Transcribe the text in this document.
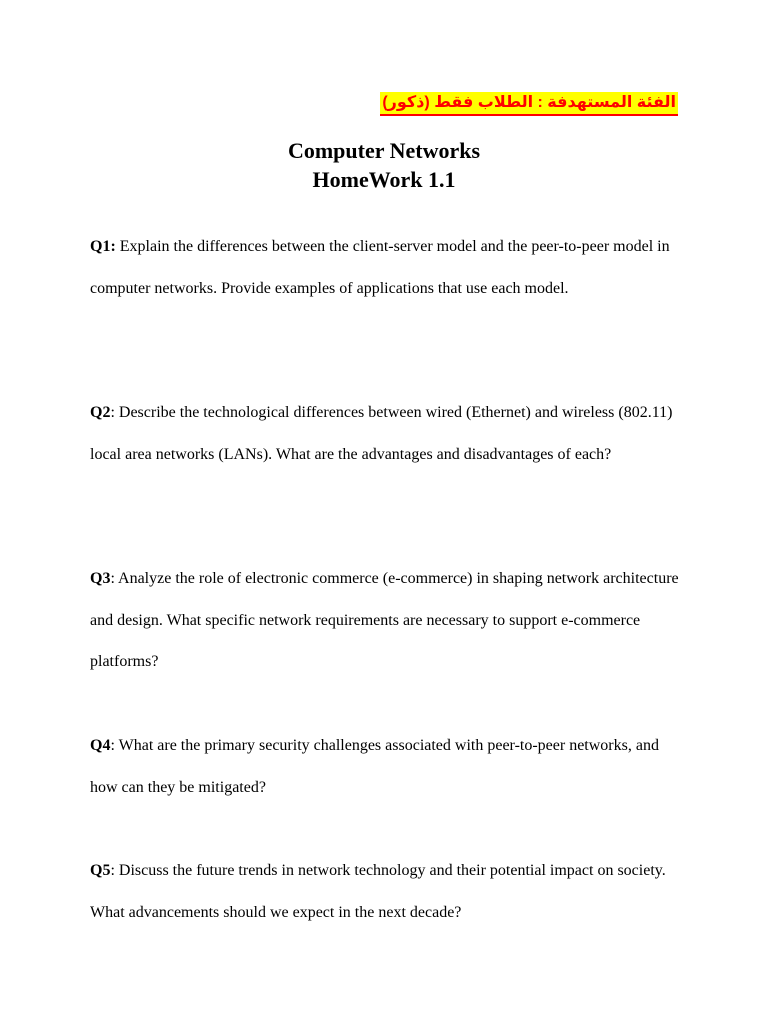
الفئة المستهدفة : الطلاب فقط (ذكور)
Computer Networks
HomeWork 1.1

Q1: Explain the differences between the client-server model and the peer-to-peer model in computer networks. Provide examples of applications that use each model.

Q2: Describe the technological differences between wired (Ethernet) and wireless (802.11) local area networks (LANs). What are the advantages and disadvantages of each?

Q3: Analyze the role of electronic commerce (e-commerce) in shaping network architecture and design. What specific network requirements are necessary to support e-commerce platforms?

Q4: What are the primary security challenges associated with peer-to-peer networks, and how can they be mitigated?

Q5: Discuss the future trends in network technology and their potential impact on society. What advancements should we expect in the next decade?
